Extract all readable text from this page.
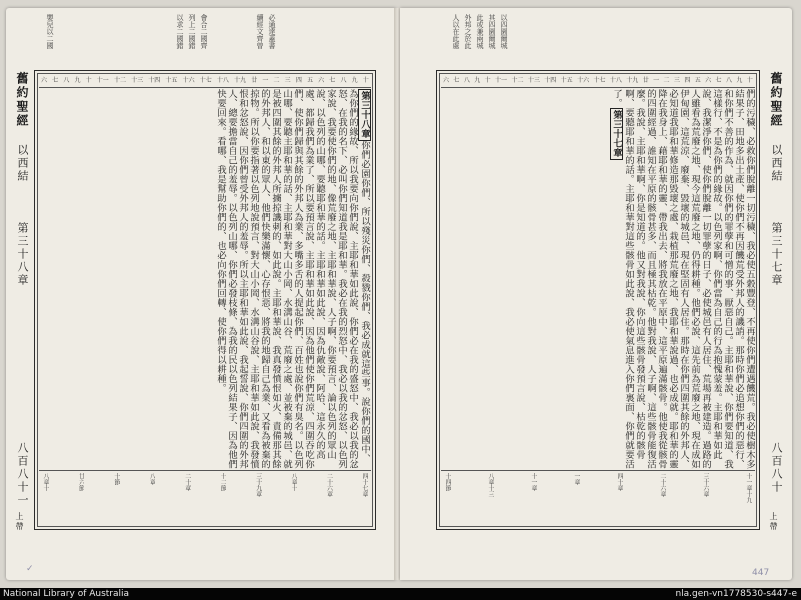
會合二國齊
列上二國錯
以求二國錯	必通達蓋書
續經文齊曾
嬰兒以二國
舊約聖經
以西結
第三十八章
八百八十一
上帶
十
九
八
七
六
五
四
三
二
一
廿
十九
十八
十七
十六
十五
十四
十三
十二
十一
十
九
八
七
六
第三十八章你們必園你們、所以殘災你們、殺戮你們、我必成就這些事。說你們的國中、為你們的緣故、所以我要向你們說、主耶和華如此說、你們必在我的盛怒中、我必以我的忿怒、在我的名下、必叫你們知道我是耶和華。我必在我的烈怒中、我必以我的忿怒、以色列家說、我要使你們的地、像荒廢之地、主耶和華說、人子啊、你要預言、論以色列的眾山說、以色列的山哪、要聽耶和華的話。主耶和華如此說、因為仇敵說、阿哈、這永久的高處、都歸我們為業了、所以要預言說、主耶和華如此說、因為他們使你們荒涼、四圍吞吃你們、使你們歸與其餘的外邦人為業、多嘴多舌的人提起你們、百姓也說你們有臭名。以色列山哪、要聽主耶和華的話、主耶和華對大山小岡、水溝山谷、荒廢之處、並被棄的城邑、就是被四圍其餘的外邦人所擄掠譏刺的、如此說。主耶和華說、我真發憤恨如火、責備那其餘的外邦人、和以東的眾人、他們快樂滿懷、心存恨惡、將我的地歸自己為業、又看為被棄的掠物。所以你要指著以色列地說預言、對大山小岡、水溝山谷說、主耶和華如此說、我發憤恨和忿怒說、因你們曾受外邦人的羞辱。所以主耶和華如此說、我起誓說、你們四圍的外邦人、總要擔當自己的羞辱。以色列山哪、你們必發枝條、為我的民以色列結果子、因為他們快要回來。看哪、我是幫助你們的、也必向你們回轉、使你們得以耕種。
四十七章
二十六章
八章十
三十九章
十二節
二十章
八章
十節
廿六節
八章十
✓
以四園爾城
其四園爾城
此或兼兩城
外邦之於此
人以在此處
十
九
八
七
六
五
四
三
二
一
廿
十九
十八
十七
十六
十五
十四
十三
十二
十一
十
九
八
七
六
們的污穢、必救你們脫離一切污穢、我必使五穀豐登、不再使你們遭遇饑荒。我必使樹木多結果子、田地多出土產、使你們不再因饑荒受外邦人的譏誚。那時你們必追想你們的惡行、和你們不善的作為、就因你們的罪孽和可憎的事、厭惡自己。主耶和華說、你們要知道、我這樣行、不是為你們的緣故。以色列家啊、你們當為自己的行為抱愧蒙羞。主耶和華如此說、我潔淨你們、使你們脫離一切罪孽的日子、必使城邑有人居住、荒場再被建造。過路的人雖看為荒廢之地、現今這荒廢之地、仍得耕種。他們必說、這先前為荒廢之地、現在成如伊甸園、這荒涼、廢棄、毀壞的城邑、現在堅固有人居住。那時在你們四圍其餘的外邦人、必知道我耶和華修造那毀壞之處、栽植那荒廢之地、我耶和華說過、也必成就。耶和華的靈降在我身上、藉耶和華的靈、帶我出去、將我放在平原中、這平原遍滿骸骨。他使我從骸骨的四圍經過、誰知在平原的骸骨甚多、而且極其枯乾。他對我說、人子啊、這些骸骨能復活麼。我說、主耶和華啊、你是知道的。他又對我說、你向這些骸骨發預言說、枯乾的骸骨啊、要聽耶和華的話。主耶和華對這些骸骨如此說、我必使氣息進入你們裏面、你們就要活了。第三十七章
十一章十九
三十六章
二十六章
四十章
一章
十一章
八章十三
十四節
舊約聖經
以西結
第三十七章
八百八十
上帶
447
National Library of Australia	nla.gen-vn1778530-s447-e
